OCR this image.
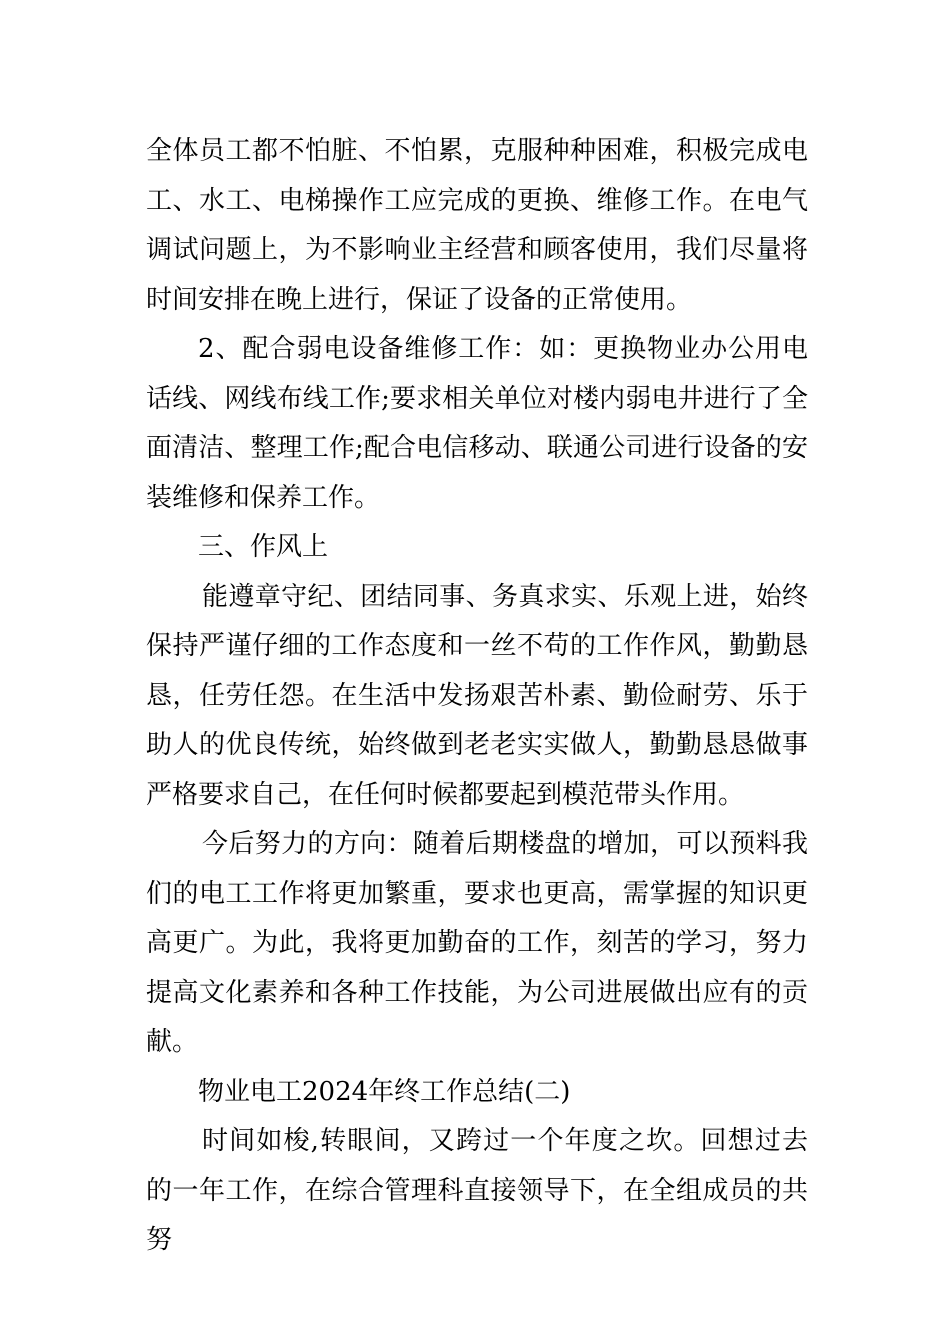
全体员工都不怕脏、不怕累，克服种种困难，积极完成电工、水工、电梯操作工应完成的更换、维修工作。在电气调试问题上，为不影响业主经营和顾客使用，我们尽量将时间安排在晚上进行，保证了设备的正常使用。

2、配合弱电设备维修工作：如：更换物业办公用电话线、网线布线工作;要求相关单位对楼内弱电井进行了全面清洁、整理工作;配合电信移动、联通公司进行设备的安装维修和保养工作。

三、作风上

能遵章守纪、团结同事、务真求实、乐观上进，始终保持严谨仔细的工作态度和一丝不苟的工作作风，勤勤恳恳，任劳任怨。在生活中发扬艰苦朴素、勤俭耐劳、乐于助人的优良传统，始终做到老老实实做人，勤勤恳恳做事严格要求自己，在任何时候都要起到模范带头作用。

今后努力的方向：随着后期楼盘的增加，可以预料我们的电工工作将更加繁重，要求也更高，需掌握的知识更高更广。为此，我将更加勤奋的工作，刻苦的学习，努力提高文化素养和各种工作技能，为公司进展做出应有的贡献。

物业电工2024年终工作总结(二)

时间如梭,转眼间，又跨过一个年度之坎。回想过去的一年工作，在综合管理科直接领导下，在全组成员的共努
